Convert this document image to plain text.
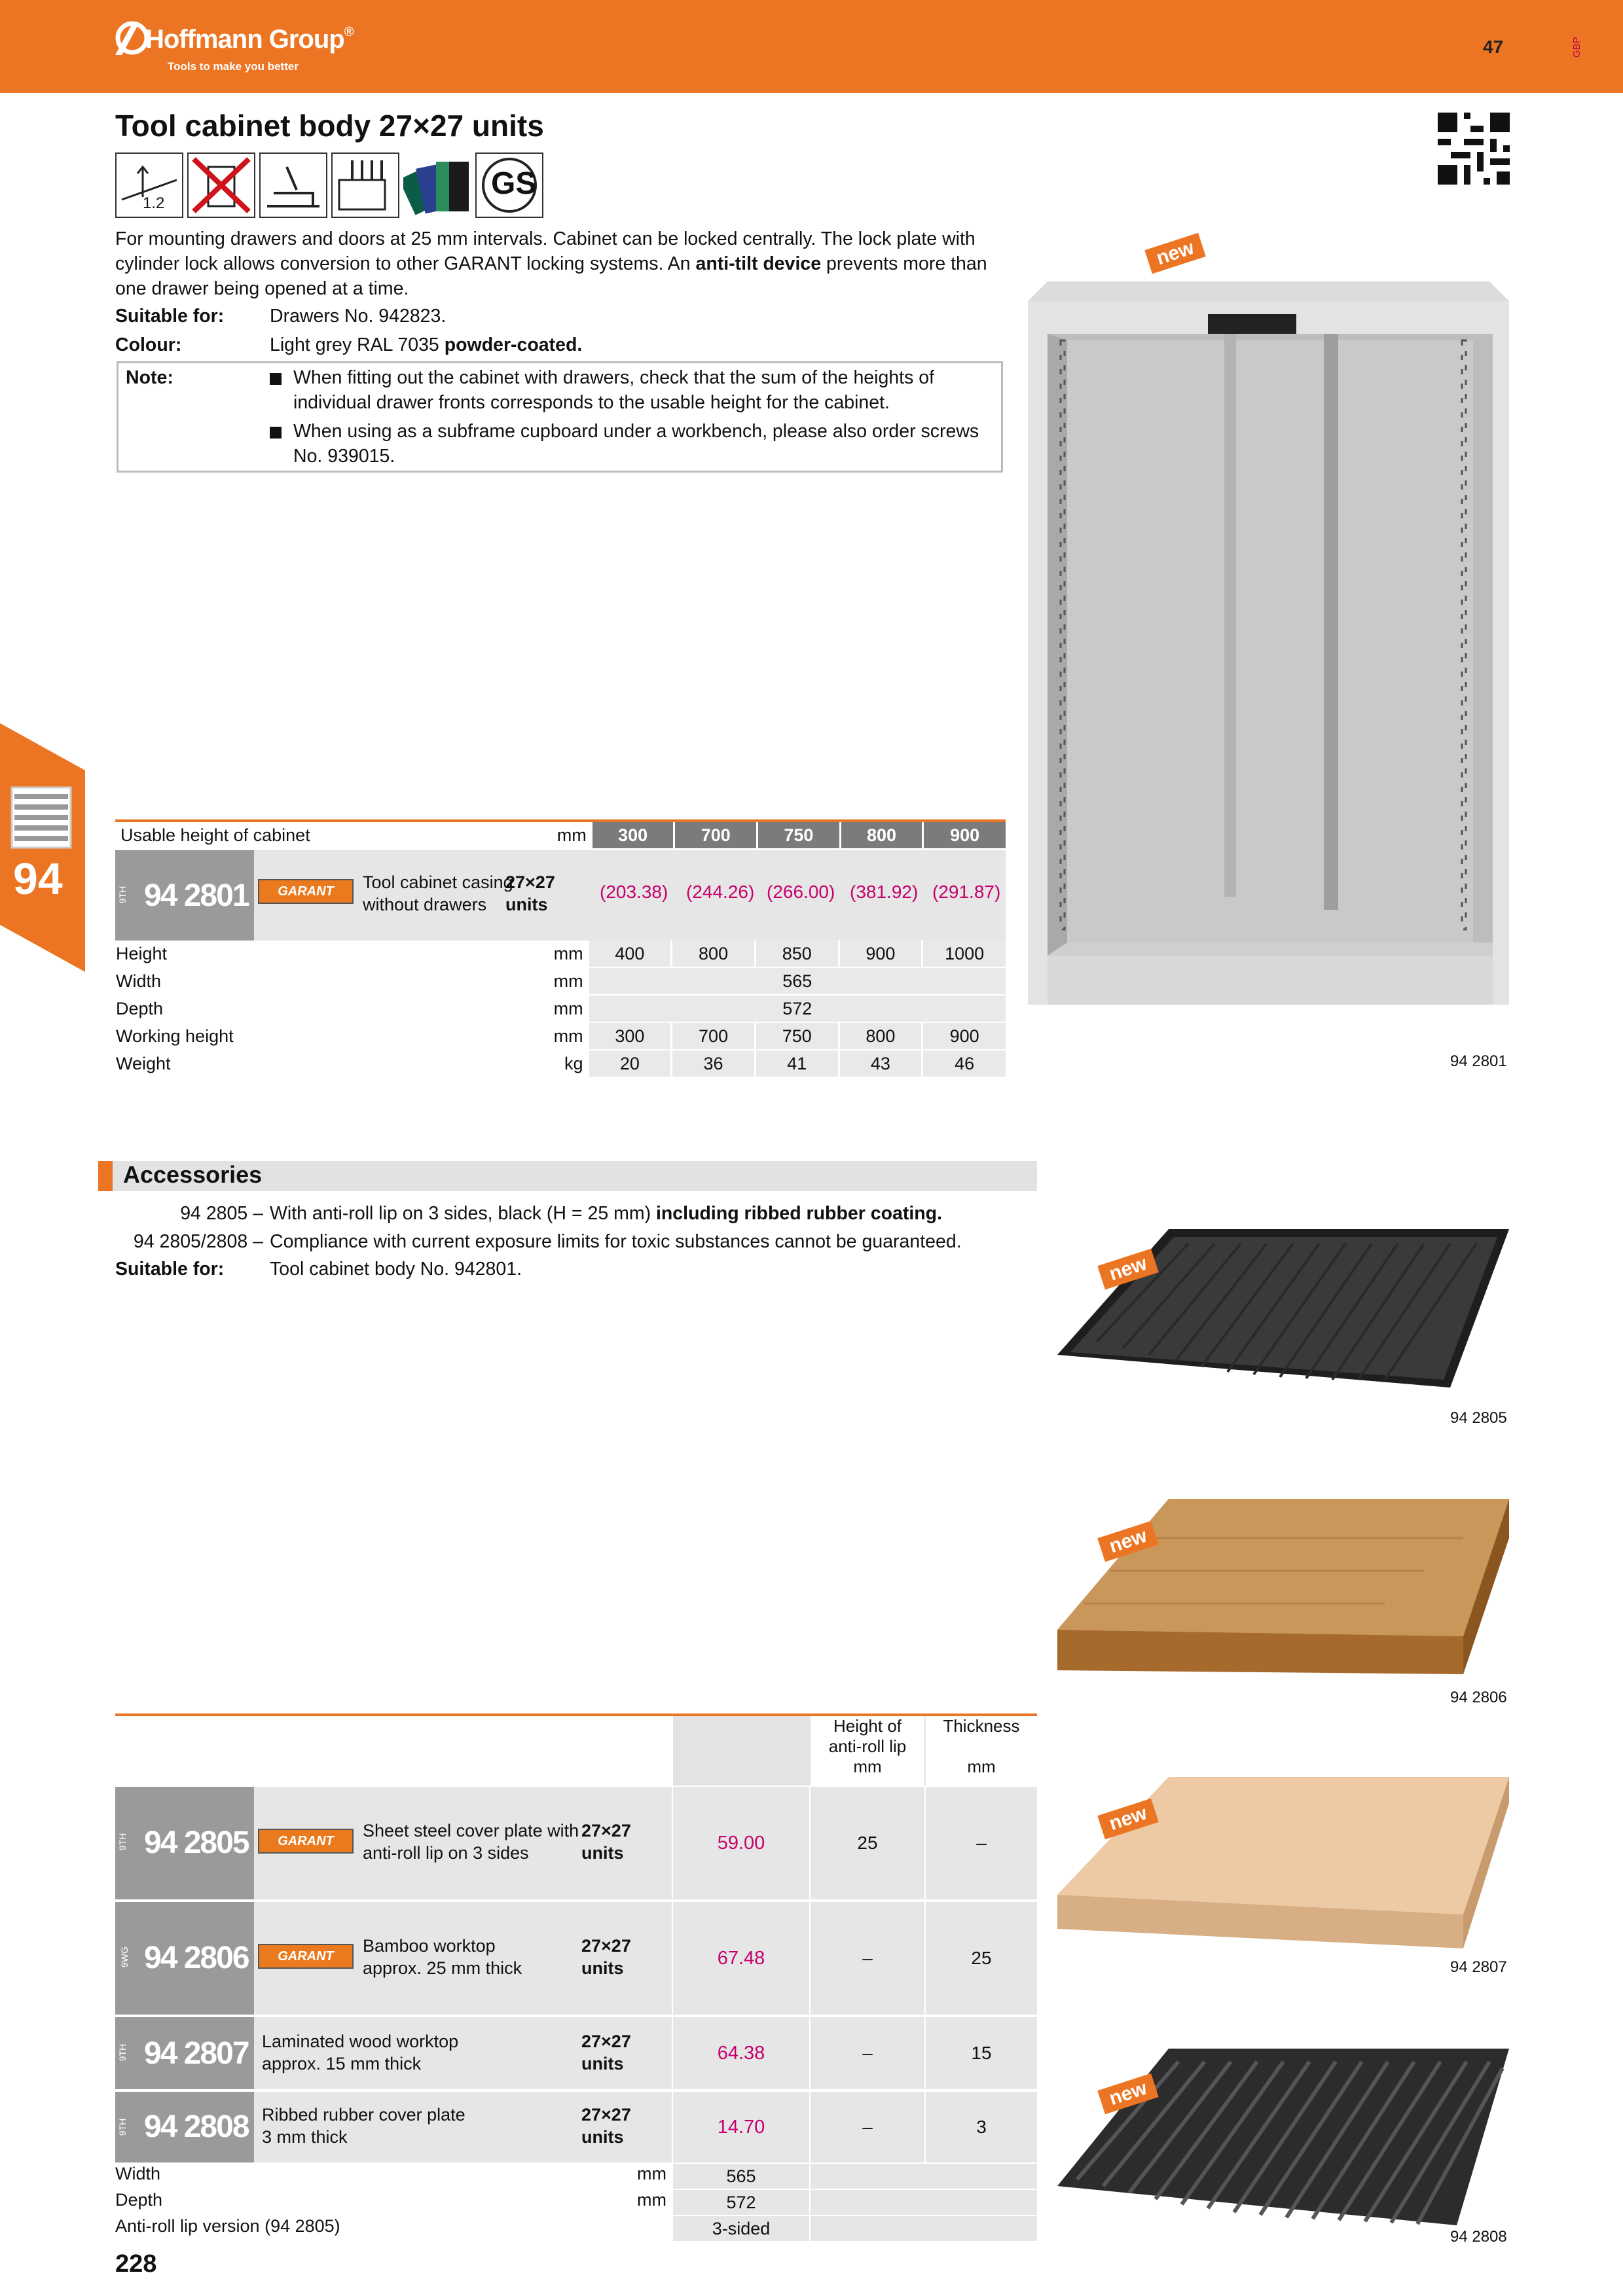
Hoffmann Group®
Tools to make you better
47	GBP
Tool cabinet body 27×27 units
1.2
GS
For mounting drawers and doors at 25 mm intervals. Cabinet can be locked centrally. The lock plate with
cylinder lock allows conversion to other GARANT locking systems. An anti-tilt device prevents more than
one drawer being opened at a time.
Suitable for: Drawers No. 942823.
Colour:	Light grey RAL 7035 powder-coated.
Note:	When fitting out the cabinet with drawers, check that the sum of the heights of
individual drawer fronts corresponds to the usable height for the cabinet.
When using as a subframe cupboard under a workbench, please also order screws
No. 939015.
new
94 2801
94
Usable height of cabinet	mm	300	700	750	800	900
9TH 94 2801	GARANT	Tool cabinet casing
without drawers
27×27
units
(203.38) (244.26) (266.00) (381.92) (291.87)
Height	mm	400	800	850	900	1000
Width	mm	565				
Depth	mm	572				
Working height	mm	300	700	750	800	900
Weight	kg	20	36	41	43	46
Accessories
94 2805 – With anti-roll lip on 3 sides, black (H = 25 mm) including ribbed rubber coating.
94 2805/2808 – Compliance with current exposure limits for toxic substances cannot be guaranteed.
Suitable for: Tool cabinet body No. 942801.
Height of
anti-roll lip
mm
Thickness
mm
9TH 94 2805	GARANT
Sheet steel cover plate with
anti-roll lip on 3 sides
27×27
units	59.00	25	–
9WG 94 2806	GARANT
Bamboo worktop
approx. 25 mm thick
27×27
units	67.48	–	25
9TH 94 2807 Laminated wood worktop
approx. 15 mm thick
27×27
units	64.38	–	15
9TH 94 2808 Ribbed rubber cover plate
3 mm thick
27×27
units	14.70	–	3
Width	mm	565
Depth	mm	572
Anti-roll lip version (94 2805)	3-sided
new
94 2805
new
94 2806
new
94 2807
new
94 2808
228
